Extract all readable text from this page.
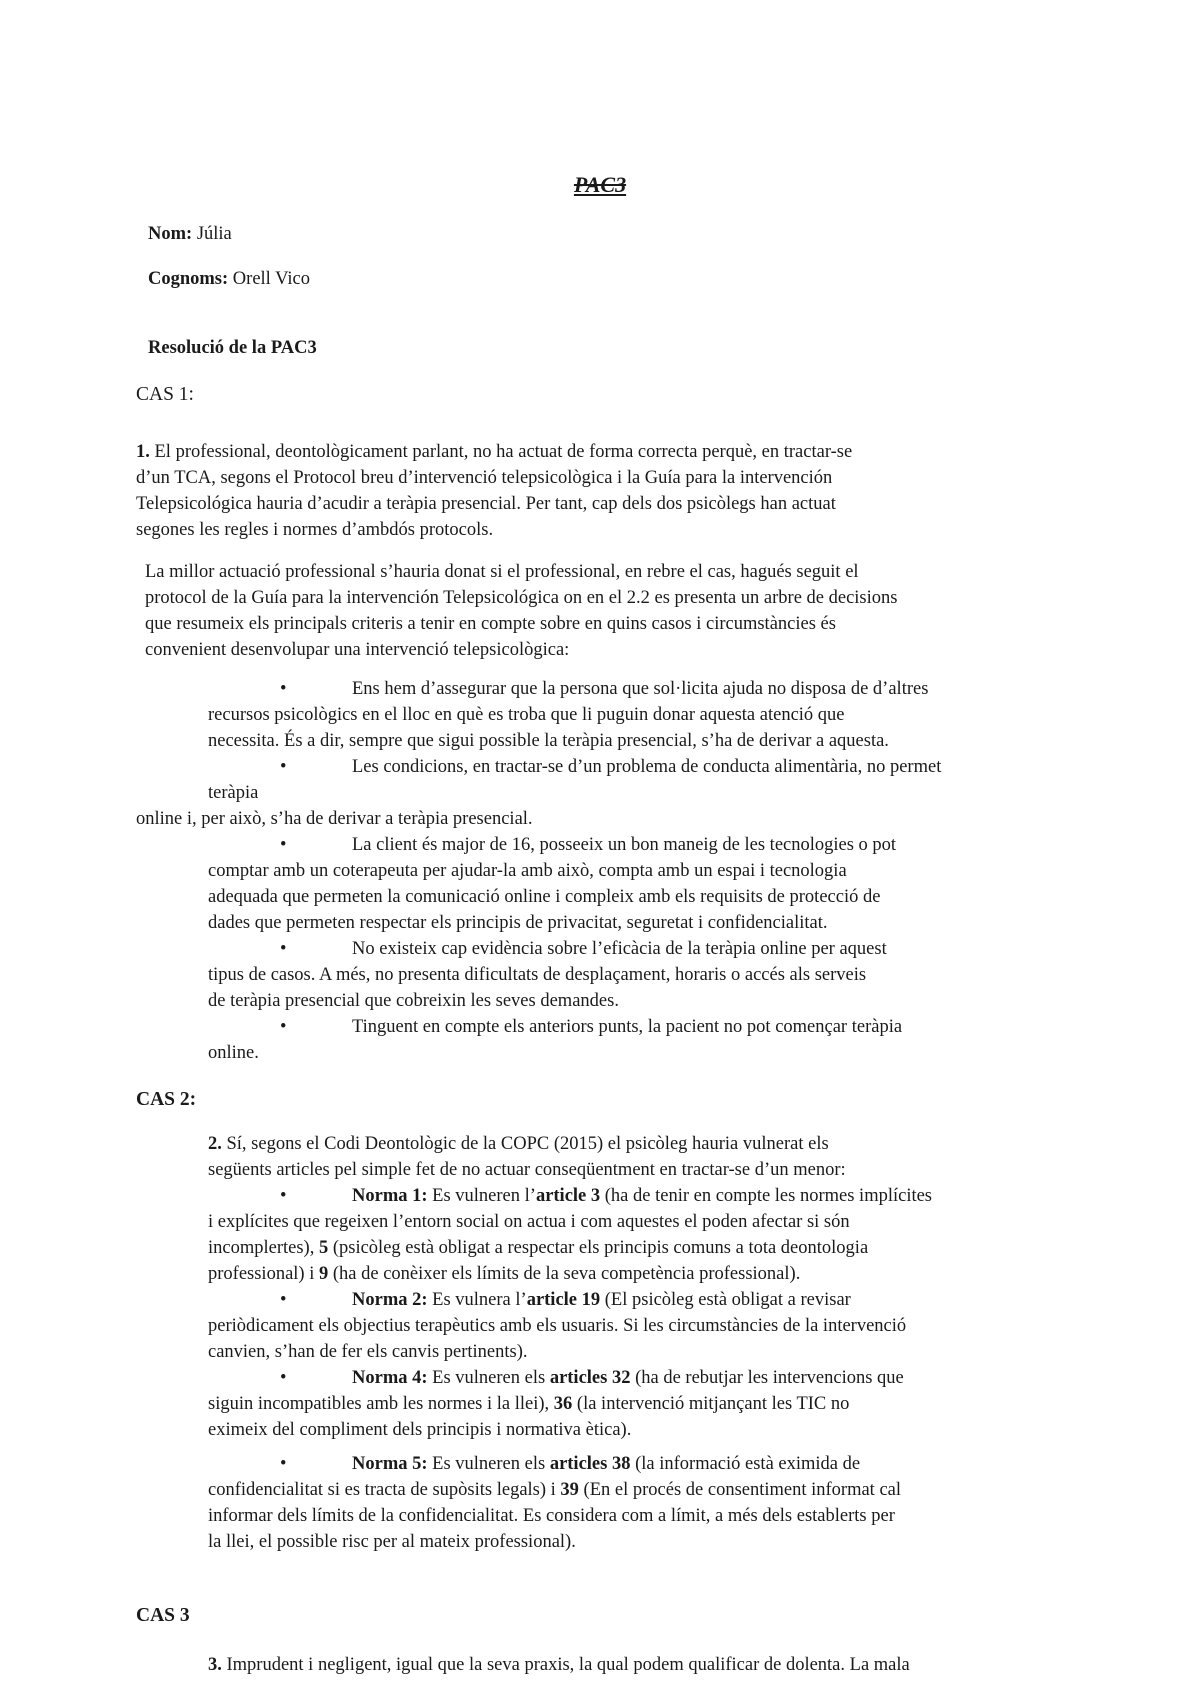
PAC3

Nom: Júlia

Cognoms: Orell Vico

Resolució de la PAC3

CAS 1:

1. El professional, deontològicament parlant, no ha actuat de forma correcta perquè, en tractar-se

d’un TCA, segons el Protocol breu d’intervenció telepsicològica i la Guía para la intervención

Telepsicológica hauria d’acudir a teràpia presencial. Per tant, cap dels dos psicòlegs han actuat

segones les regles i normes d’ambdós protocols.

La millor actuació professional s’hauria donat si el professional, en rebre el cas, hagués seguit el

protocol de la Guía para la intervención Telepsicológica on en el 2.2 es presenta un arbre de decisions

que resumeix els principals criteris a tenir en compte sobre en quins casos i circumstàncies és

convenient desenvolupar una intervenció telepsicològica:

•	Ens hem d’assegurar que la persona que sol·licita ajuda no disposa de d’altres

recursos psicològics en el lloc en què es troba que li puguin donar aquesta atenció que

necessita. És a dir, sempre que sigui possible la teràpia presencial, s’ha de derivar a aquesta.

•	Les condicions, en tractar-se d’un problema de conducta alimentària, no permet

teràpia

online i, per això, s’ha de derivar a teràpia presencial.

•	La client és major de 16, posseeix un bon maneig de les tecnologies o pot

comptar amb un coterapeuta per ajudar-la amb això, compta amb un espai i tecnologia

adequada que permeten la comunicació online i compleix amb els requisits de protecció de

dades que permeten respectar els principis de privacitat, seguretat i confidencialitat.

•	No existeix cap evidència sobre l’eficàcia de la teràpia online per aquest

tipus de casos. A més, no presenta dificultats de desplaçament, horaris o accés als serveis

de teràpia presencial que cobreixin les seves demandes.

•	Tinguent en compte els anteriors punts, la pacient no pot començar teràpia

online.

CAS 2:

2. Sí, segons el Codi Deontològic de la COPC (2015) el psicòleg hauria vulnerat els

següents articles pel simple fet de no actuar conseqüentment en tractar-se d’un menor:

•	Norma 1: Es vulneren l’article 3 (ha de tenir en compte les normes implícites

i explícites que regeixen l’entorn social on actua i com aquestes el poden afectar si són

incomplertes), 5 (psicòleg està obligat a respectar els principis comuns a tota deontologia

professional) i 9 (ha de conèixer els límits de la seva competència professional).

•	Norma 2: Es vulnera l’article 19 (El psicòleg està obligat a revisar

periòdicament els objectius terapèutics amb els usuaris. Si les circumstàncies de la intervenció

canvien, s’han de fer els canvis pertinents).

•	Norma 4: Es vulneren els articles 32 (ha de rebutjar les intervencions que

siguin incompatibles amb les normes i la llei), 36 (la intervenció mitjançant les TIC no

eximeix del compliment dels principis i normativa ètica).

•	Norma 5: Es vulneren els articles 38 (la informació està eximida de

confidencialitat si es tracta de supòsits legals) i 39 (En el procés de consentiment informat cal

informar dels límits de la confidencialitat. Es considera com a límit, a més dels establerts per

la llei, el possible risc per al mateix professional).

CAS 3

3. Imprudent i negligent, igual que la seva praxis, la qual podem qualificar de dolenta. La mala
